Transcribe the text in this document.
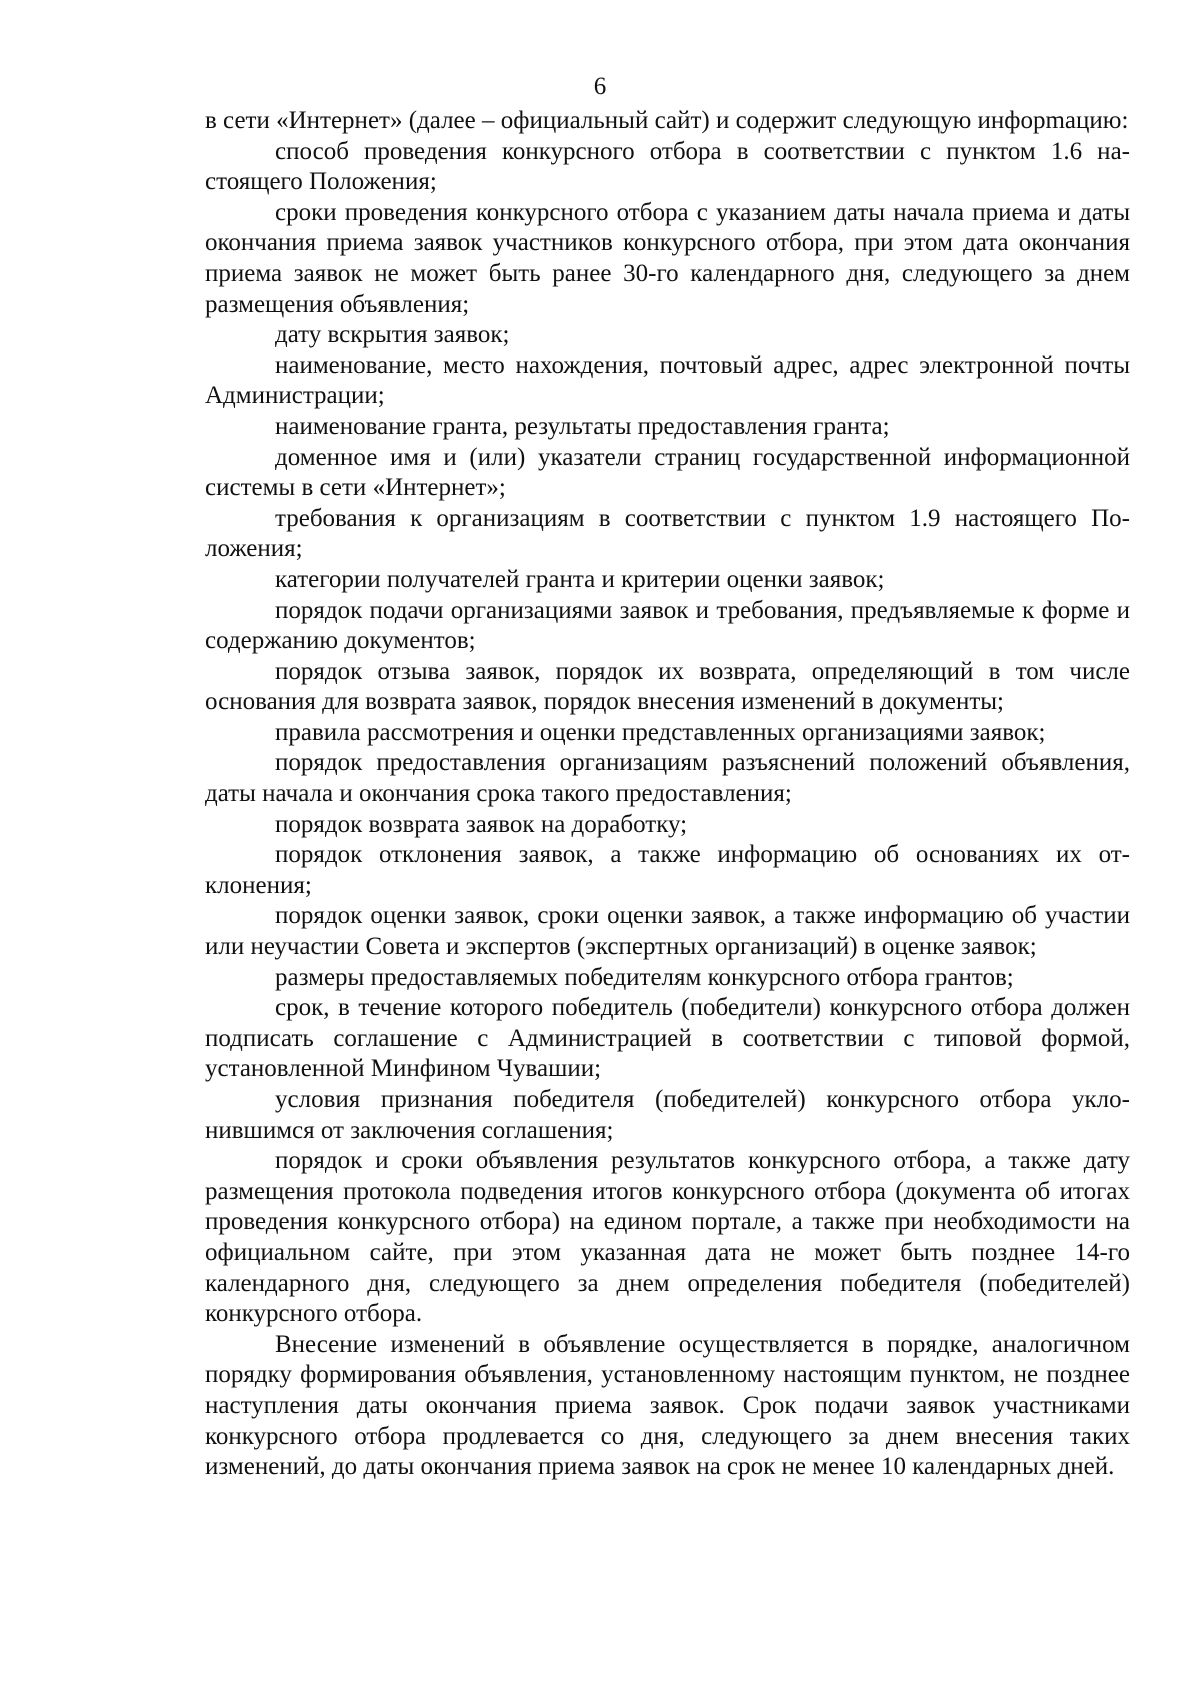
6

в сети «Интернет» (далее – официальный сайт) и содержит следующую инфорmацию:

способ проведения конкурсного отбора в соответствии с пунктом 1.6 настоящего Положения;

сроки проведения конкурсного отбора с указанием даты начала приема и даты окончания приема заявок участников конкурсного отбора, при этом дата окончания приема заявок не может быть ранее 30-го календарного дня, следующего за днем размещения объявления;

дату вскрытия заявок;

наименование, место нахождения, почтовый адрес, адрес электронной почты Администрации;

наименование гранта, результаты предоставления гранта;

доменное имя и (или) указатели страниц государственной информационной системы в сети «Интернет»;

требования к организациям в соответствии с пунктом 1.9 настоящего Положения;

категории получателей гранта и критерии оценки заявок;

порядок подачи организациями заявок и требования, предъявляемые к форме и содержанию документов;

порядок отзыва заявок, порядок их возврата, определяющий в том числе основания для возврата заявок, порядок внесения изменений в документы;

правила рассмотрения и оценки представленных организациями заявок;

порядок предоставления организациям разъяснений положений объявления, даты начала и окончания срока такого предоставления;

порядок возврата заявок на доработку;

порядок отклонения заявок, а также информацию об основаниях их отклонения;

порядок оценки заявок, сроки оценки заявок, а также информацию об участии или неучастии Совета и экспертов (экспертных организаций) в оценке заявок;

размеры предоставляемых победителям конкурсного отбора грантов;

срок, в течение которого победитель (победители) конкурсного отбора должен подписать соглашение с Администрацией в соответствии с типовой формой, установленной Минфином Чувашии;

условия признания победителя (победителей) конкурсного отбора уклонившимся от заключения соглашения;

порядок и сроки объявления результатов конкурсного отбора, а также дату размещения протокола подведения итогов конкурсного отбора (документа об итогах проведения конкурсного отбора) на едином портале, а также при необходимости на официальном сайте, при этом указанная дата не может быть позднее 14-го календарного дня, следующего за днем определения победителя (победителей) конкурсного отбора.

Внесение изменений в объявление осуществляется в порядке, аналогичном порядку формирования объявления, установленному настоящим пунктом, не позднее наступления даты окончания приема заявок. Срок подачи заявок участниками конкурсного отбора продлевается со дня, следующего за днем внесения таких изменений, до даты окончания приема заявок на срок не менее 10 календарных дней.
